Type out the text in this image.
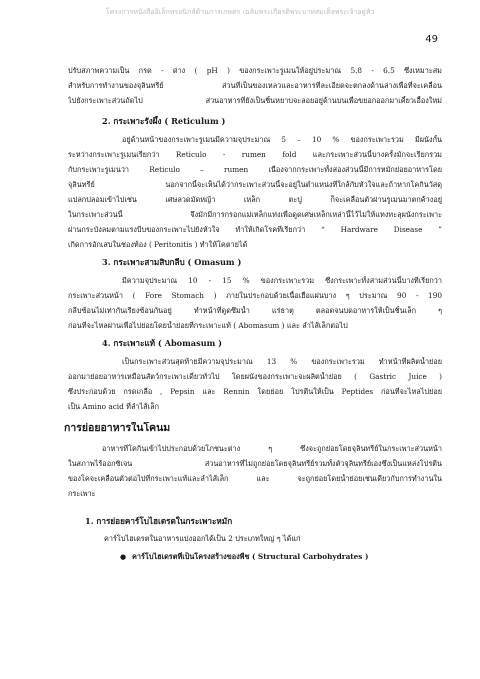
โครงการหนังสืออิเล็กทรอนิกส์ด้านการเกษตร เฉลิมพระเกียรติพระบาทสมเด็จพระเจ้าอยู่หัว
49
ปรับสภาพความเป็น กรด - ด่าง ( pH ) ของกระเพาะรูเมนให้อยู่ประมาณ 5.8 - 6.5 ซึ่งเหมาะสม
สำหรับการทำงานของจุลินทรีย์ ส่วนที่เป็นของเหลวและอาหารที่ละเอียดจะตกลงด้านล่างเพื่อที่จะเคลื่อน
ไปยังกระเพาะส่วนถัดไป ส่วนอาหารที่ยังเป็นชิ้นหยาบจะลอยอยู่ด้านบนเพื่อขยอกออกมาเคี้ยวเอื้องใหม่
2. กระเพาะรังผึ้ง ( Reticulum )
อยู่ด้านหน้าของกระเพาะรูเมนมีความจุประมาณ 5 – 10 % ของกระเพาะรวม มีผนังกั้น
ระหว่างกระเพาะรูเมนเรียกว่า Reticulo - rumen fold และกระเพาะส่วนนี้บางครั้งมักจะเรียกรวม
กับกระเพาะรูเมนว่า Reticulo – rumen เนื่องจากกระเพาะทั้งสองส่วนนี้มีการหมักย่อยอาหารโดย
จุลินทรีย์ นอกจากนี้จะเห็นได้ว่ากระเพาะส่วนนี้จะอยู่ในตำแหน่งที่ใกล้กับหัวใจและถ้าหากโคกินวัสดุ
แปลกปลอมเข้าไปเช่น เศษลวดมัดหญ้า เหล็ก ตะปู ก็จะเคลื่อนตัวผ่านรูเมนมาตกค้างอยู่
ในกระเพาะส่วนนี้ จึงมักมีการกรอกแม่เหล็กแท่งเพื่อดูดเศษเหล็กเหล่านี้ไว้ไม่ให้แทงทะลุผนังกระเพาะ
ผ่านกระบังลมตามแรงบีบของกระเพาะไปยังหัวใจ ทำให้เกิดโรคที่เรียกว่า “ Hardware Disease ”
เกิดการอักเสบในช่องท้อง ( Peritonitis ) ทำให้โคตายได้
3. กระเพาะสามสิบกลีบ ( Omasum )
มีความจุประมาณ 10 - 15 % ของกระเพาะรวม ซึ่งกระเพาะทั้งสามส่วนนี้บางทีเรียกว่า
กระเพาะส่วนหน้า ( Fore Stomach ) ภายในประกอบด้วยเนื้อเยื่อแผ่นบาง ๆ ประมาณ 90 - 190
กลีบซ้อนไม่เท่ากันเรียงซ้อนกันอยู่ ทำหน้าที่ดูดซึมน้ำ แร่ธาตุ ตลอดจนบดอาหารให้เป็นชิ้นเล็ก ๆ
ก่อนที่จะไหลผ่านเพื่อไปย่อยโดยน้ำย่อยที่กระเพาะแท้ ( Abomasum ) และ ลำไส้เล็กต่อไป
4. กระเพาะแท้ ( Abomasum )
เป็นกระเพาะส่วนสุดท้ายมีความจุประมาณ 13 % ของกระเพาะรวม ทำหน้าที่ผลิตน้ำย่อย
ออกมาย่อยอาหารเหมือนสัตว์กระเพาะเดี่ยวทั่วไป โดยผนังของกระเพาะจะผลิตน้ำย่อย ( Gastric Juice )
ซึ่งประกอบด้วย กรดเกลือ , Pepsin และ Rennin โดยย่อย โปรตีนให้เป็น Peptides ก่อนที่จะไหลไปย่อย
เป็น Amino acid ที่ลำไส้เล็ก
การย่อยอาหารในโคนม
อาหารที่โคกินเข้าไปประกอบด้วยโภชนะต่าง ๆ ซึ่งจะถูกย่อยโดยจุลินทรีย์ในกระเพาะส่วนหน้า
ในสภาพไร้ออกซิเจน ส่วนอาหารที่ไม่ถูกย่อยโดยจุลินทรีย์รวมทั้งตัวจุลินทรีย์เองซึ่งเป็นแหล่งโปรตีน
ของโคจะเคลื่อนตัวต่อไปที่กระเพาะแท้และลำไส้เล็ก และ จะถูกย่อยโดยน้ำย่อยเช่นเดียวกับการทำงานใน
กระเพาะ
1. การย่อยคาร์โบไฮเดรตในกระเพาะหมัก
คาร์โบไฮเดรตในอาหารแบ่งออกได้เป็น 2 ประเภทใหญ่ ๆ ได้แก่
● คาร์โบไฮเดรตที่เป็นโครงสร้างของพืช ( Structural Carbohydrates )
